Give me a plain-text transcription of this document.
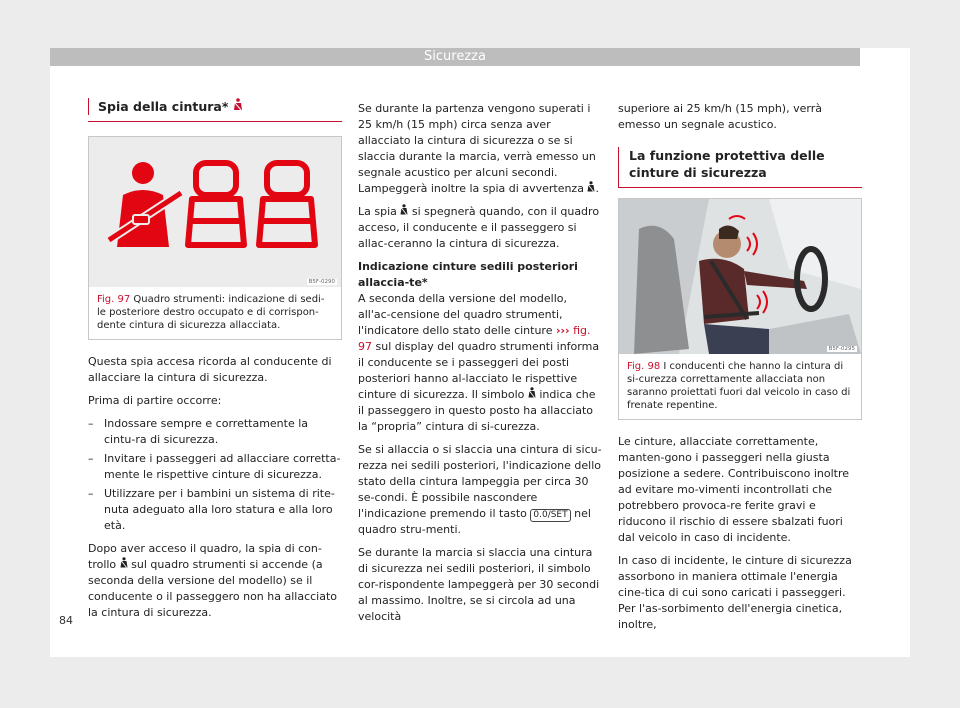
Sicurezza
Spia della cintura*
B5F-0290
Fig. 97 Quadro strumenti: indicazione di sedi-le posteriore destro occupato e di corrispon-dente cintura di sicurezza allacciata.

Questa spia accesa ricorda al conducente di allacciare la cintura di sicurezza.

Prima di partire occorre:

– Indossare sempre e correttamente la cintu-ra di sicurezza.
– Invitare i passeggeri ad allacciare corretta-mente le rispettive cinture di sicurezza.
– Utilizzare per i bambini un sistema di rite-nuta adeguato alla loro statura e alla loro età.

Dopo aver acceso il quadro, la spia di con-trollo  sul quadro strumenti si accende (a seconda della versione del modello) se il conducente o il passeggero non ha allacciato la cintura di sicurezza.

Se durante la partenza vengono superati i 25 km/h (15 mph) circa senza aver allacciato la cintura di sicurezza o se si slaccia durante la marcia, verrà emesso un segnale acustico per alcuni secondi. Lampeggerà inoltre la spia di avvertenza .

La spia  si spegnerà quando, con il quadro acceso, il conducente e il passeggero si allac-ceranno la cintura di sicurezza.

Indicazione cinture sedili posteriori allaccia-te*

A seconda della versione del modello, all'ac-censione del quadro strumenti, l'indicatore dello stato delle cinture ››› fig. 97 sul display del quadro strumenti informa il conducente se i passeggeri dei posti posteriori hanno al-lacciato le rispettive cinture di sicurezza. Il simbolo  indica che il passeggero in questo posto ha allacciato la “propria” cintura di si-curezza.

Se si allaccia o si slaccia una cintura di sicu-rezza nei sedili posteriori, l'indicazione dello stato della cintura lampeggia per circa 30 se-condi. È possibile nascondere l'indicazione premendo il tasto 0.0/SET nel quadro stru-menti.

Se durante la marcia si slaccia una cintura di sicurezza nei sedili posteriori, il simbolo cor-rispondente lampeggerà per 30 secondi al massimo. Inoltre, se si circola ad una velocità

superiore ai 25 km/h (15 mph), verrà emesso un segnale acustico.

La funzione protettiva delle cinture di sicurezza
B5F-0295
Fig. 98 I conducenti che hanno la cintura di si-curezza correttamente allacciata non saranno proiettati fuori dal veicolo in caso di frenate repentine.

Le cinture, allacciate correttamente, manten-gono i passeggeri nella giusta posizione a sedere. Contribuiscono inoltre ad evitare mo-vimenti incontrollati che potrebbero provoca-re ferite gravi e riducono il rischio di essere sbalzati fuori dal veicolo in caso di incidente.

In caso di incidente, le cinture di sicurezza assorbono in maniera ottimale l'energia cine-tica di cui sono caricati i passeggeri. Per l'as-sorbimento dell'energia cinetica, inoltre,

84
